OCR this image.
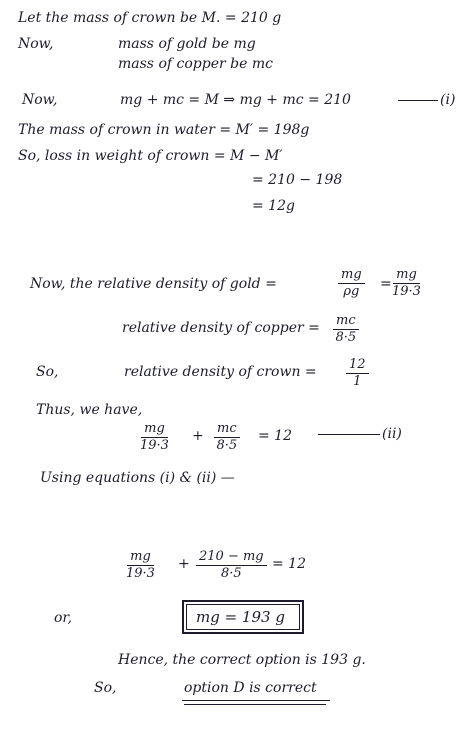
Let the mass of crown be M. = 210 g
Now,	mass of gold be mg
mass of copper be mc
Now,	mg + mc = M ⇒ mg + mc = 210	(i)
The mass of crown in water = M′ = 198g
So, loss in weight of crown = M − M′
= 210 − 198
= 12g
Now, the relative density of gold =	$\frac{mg}{\rho g} = \frac{mg}{19\cdot 3}$
relative density of copper = $\frac{mc}{8\cdot 5}$
So,	relative density of crown = $\frac{12}{1}$
Thus, we have,
$\frac{mg}{19\cdot 3} + \frac{mc}{8\cdot 5} = 12$	(ii)
Using equations (i) & (ii) —
$\frac{mg}{19\cdot 3} + \frac{210 - mg}{8\cdot 5} = 12$
or,	mg = 193 g
Hence, the correct option is 193 g.
So,	option D is correct
